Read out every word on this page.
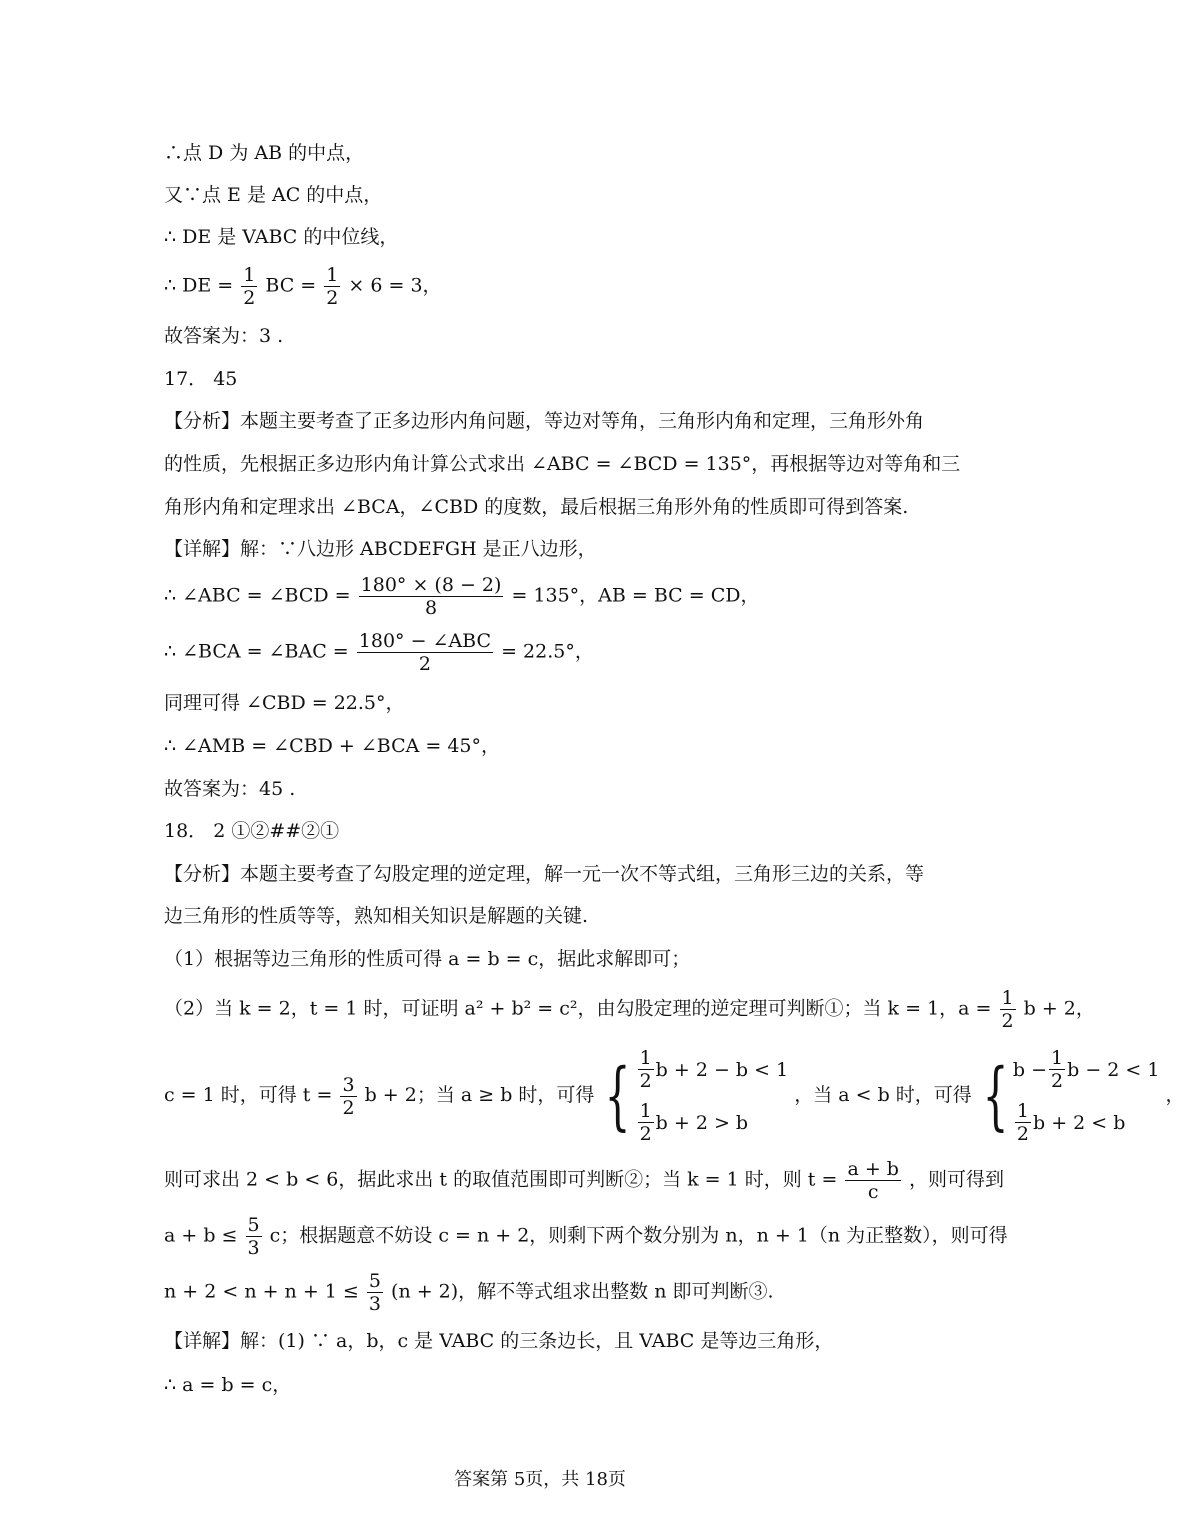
∴点 D 为 AB 的中点，
又∵点 E 是 AC 的中点，
∴ DE 是 VABC 的中位线，
∴ DE = $\frac{1}{2}$ BC = $\frac{1}{2} \times 6 = 3$，
故答案为：3 .
17． 45
【分析】本题主要考查了正多边形内角问题，等边对等角，三角形内角和定理，三角形外角
的性质，先根据正多边形内角计算公式求出 ∠ABC = ∠BCD = 135°，再根据等边对等角和三
角形内角和定理求出 ∠BCA，∠CBD 的度数，最后根据三角形外角的性质即可得到答案.
【详解】解：∵八边形 ABCDEFGH 是正八边形，
∴ ∠ABC = ∠BCD = $\frac{180^\circ \times (8 - 2)}{8} = 135^\circ$，AB = BC = CD，
∴ ∠BCA = ∠BAC = $\frac{\text{180° − ∠ABC}}{2} = 22.5^\circ$，
同理可得 ∠CBD = 22.5°，
∴ ∠AMB = ∠CBD + ∠BCA = 45°，
故答案为：45 .
18． 2 ①②##②①
【分析】本题主要考查了勾股定理的逆定理，解一元一次不等式组，三角形三边的关系，等
边三角形的性质等等，熟知相关知识是解题的关键.
（1）根据等边三角形的性质可得 a = b = c，据此求解即可；
（2）当 k = 2，t = 1 时，可证明 a² + b² = c²，由勾股定理的逆定理可判断①；当 k = 1，$a = \frac{1}{2}$ b + 2，
c = 1 时，可得 $t = \frac{3}{2}$ b + 2；当 a ≥ b 时，可得 { $\frac{1}{2}$ b + 2 − b < 1
$\frac{1}{2}$ b + 2 > b
，当 a < b 时，可得 { $b - \frac{1}{2}$ b − 2 < 1
$\frac{1}{2}$ b + 2 < b
，
则可求出 2 < b < 6，据此求出 t 的取值范围即可判断②；当 k = 1 时，则 $t = \frac{a + b}{c}$ ，则可得到
$a + b \le \frac{5}{3}$ c；根据题意不妨设 c = n + 2，则剩下两个数分别为 n，n + 1（n 为正整数），则可得
$n + 2 < n + n + 1 \le \frac{5}{3} (n + 2)$，解不等式组求出整数 n 即可判断③.
【详解】解：(1) ∵ a，b，c 是 VABC 的三条边长，且 VABC 是等边三角形，
∴ a = b = c，
答案第 5页，共 18页
